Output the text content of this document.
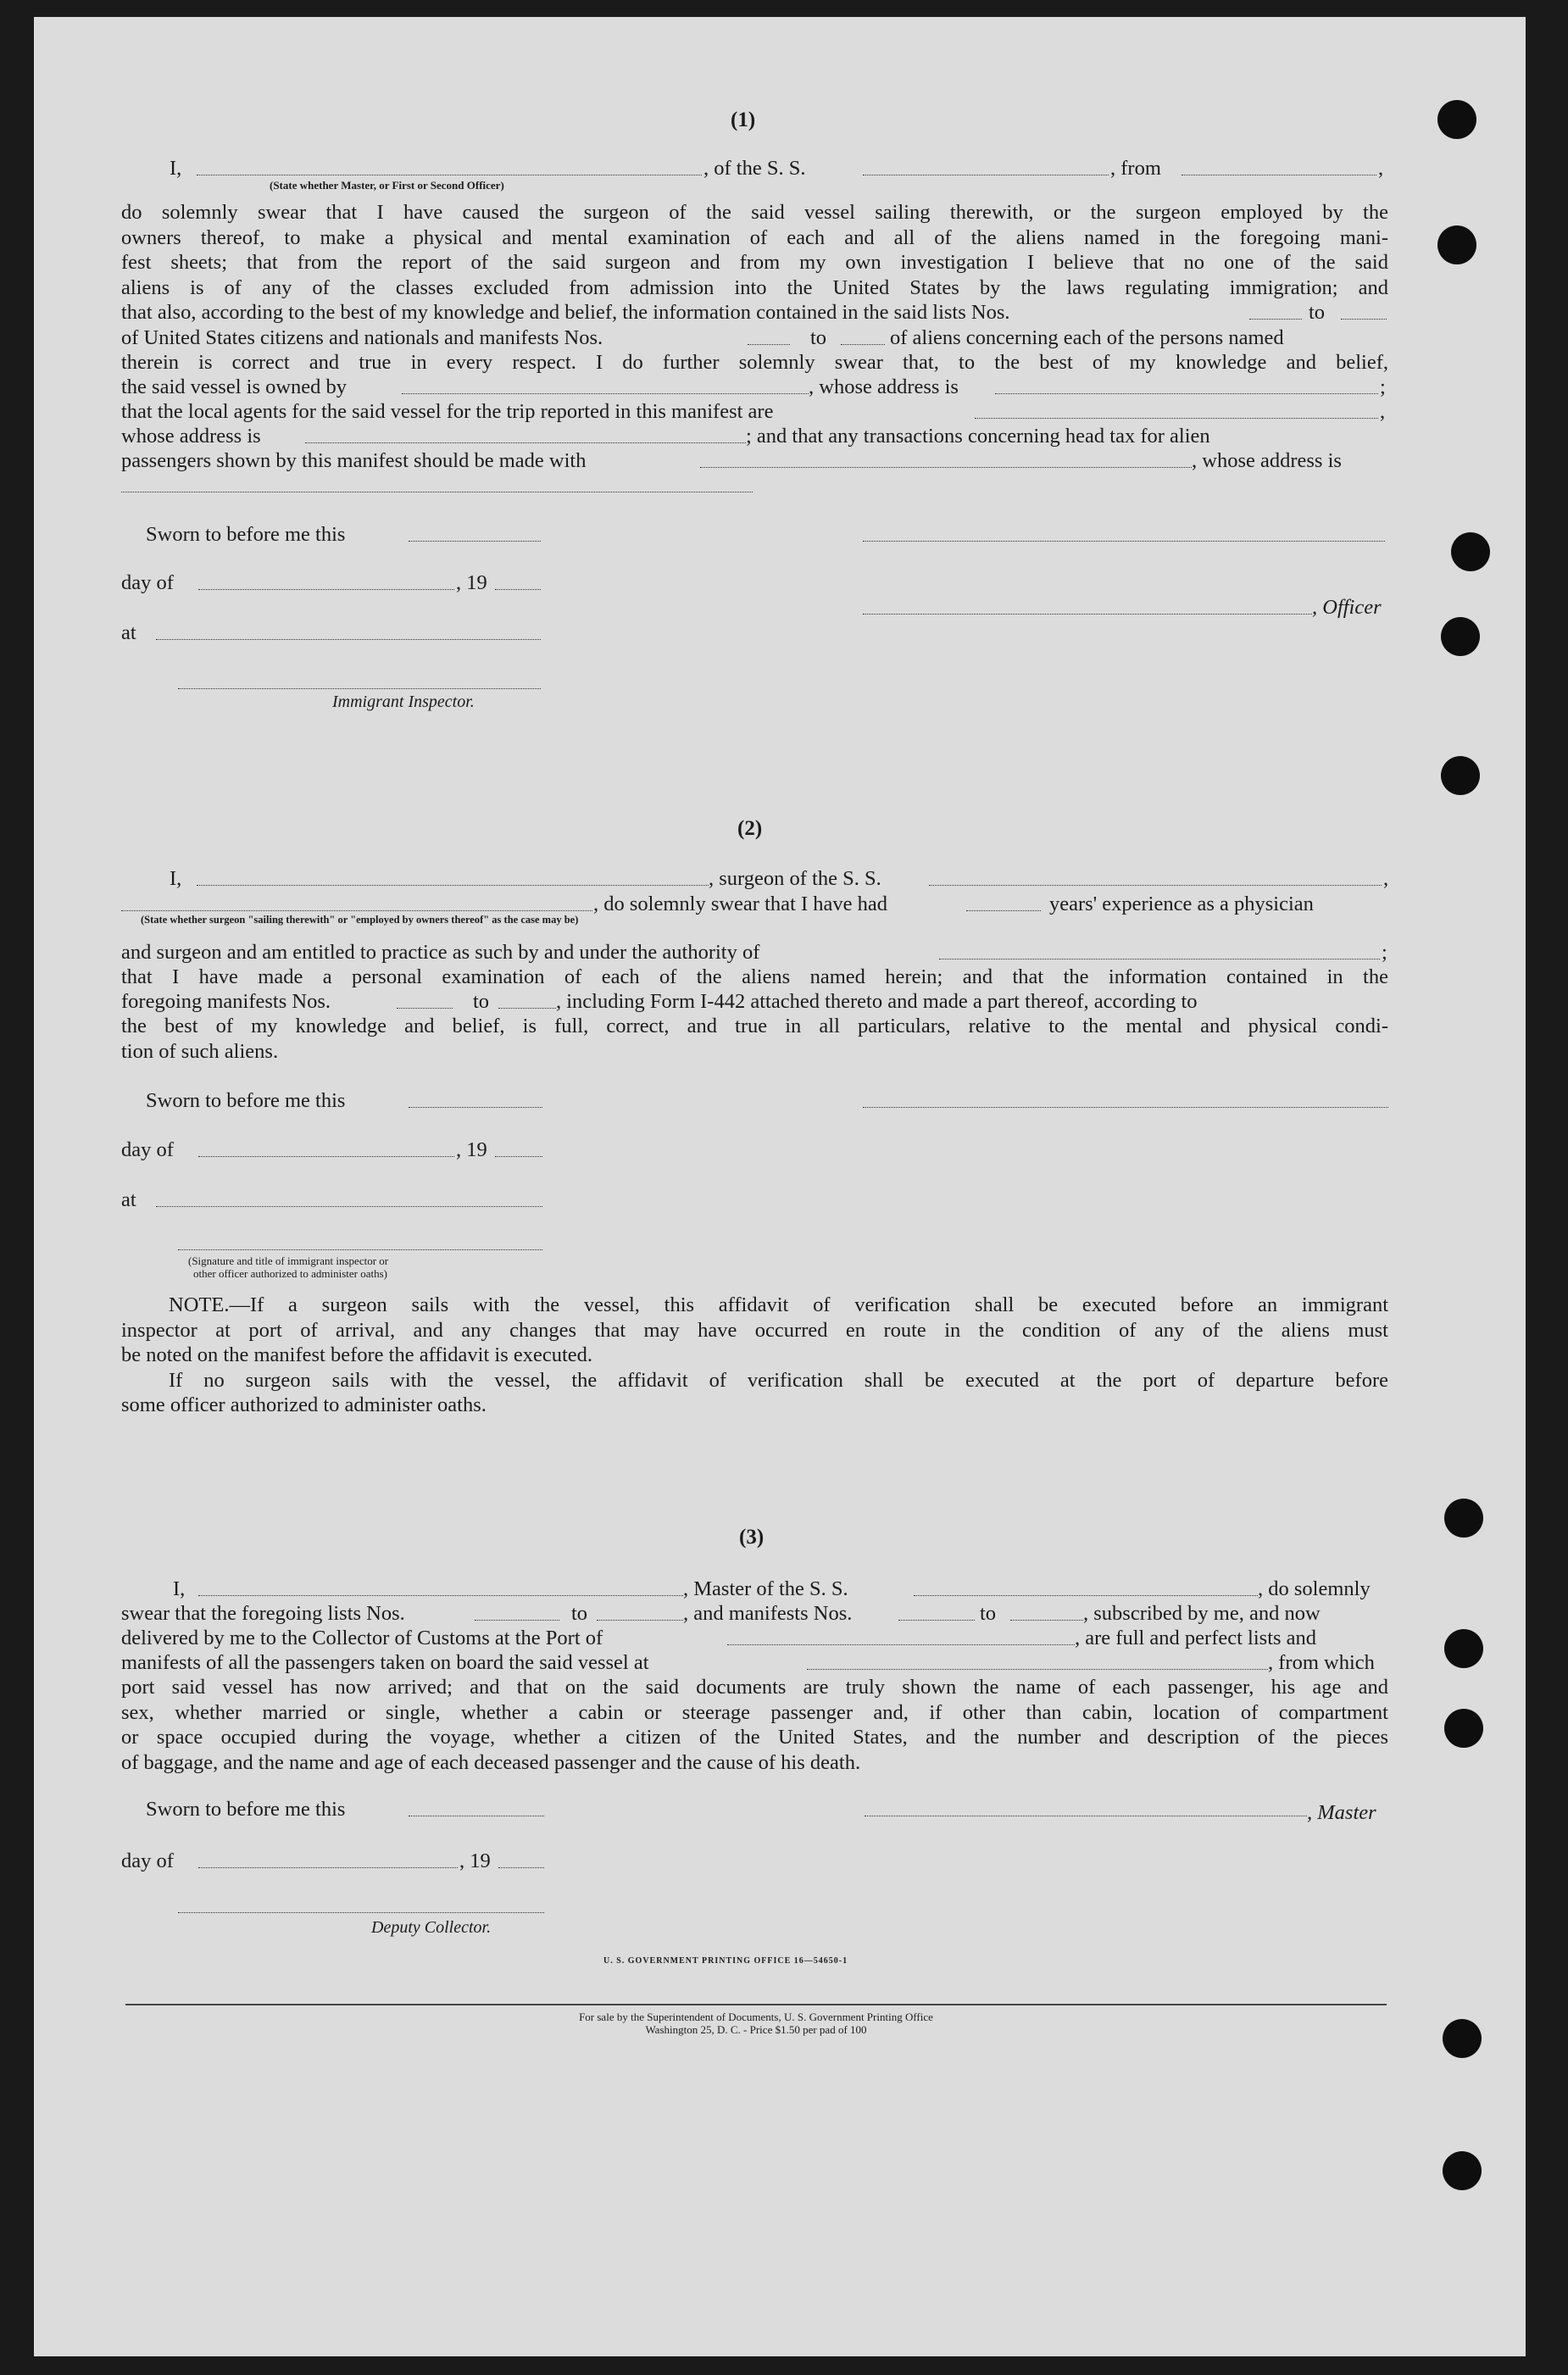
(1)
I,	, of the S. S.	, from	,
(State whether Master, or First or Second Officer)
do solemnly swear that I have caused the surgeon of the said vessel sailing therewith, or the surgeon employed by the
owners thereof, to make a physical and mental examination of each and all of the aliens named in the foregoing mani-
fest sheets; that from the report of the said surgeon and from my own investigation I believe that no one of the said
aliens is of any of the classes excluded from admission into the United States by the laws regulating immigration; and
that also, according to the best of my knowledge and belief, the information contained in the said lists Nos.	to
of United States citizens and nationals and manifests Nos.	to	of aliens concerning each of the persons named
therein is correct and true in every respect. I do further solemnly swear that, to the best of my knowledge and belief,
the said vessel is owned by	, whose address is	;
that the local agents for the said vessel for the trip reported in this manifest are	,
whose address is	; and that any transactions concerning head tax for alien
passengers shown by this manifest should be made with	, whose address is
Sworn to before me this
day of	, 19
, Officer
at
Immigrant Inspector.
(2)
I,	, surgeon of the S. S.	,
, do solemnly swear that I have had	years' experience as a physician
(State whether surgeon "sailing therewith" or "employed by owners thereof" as the case may be)
and surgeon and am entitled to practice as such by and under the authority of	;
that I have made a personal examination of each of the aliens named herein; and that the information contained in the
foregoing manifests Nos.	to	, including Form I-442 attached thereto and made a part thereof, according to
the best of my knowledge and belief, is full, correct, and true in all particulars, relative to the mental and physical condi-
tion of such aliens.
Sworn to before me this
day of	, 19
at
(Signature and title of immigrant inspector or
other officer authorized to administer oaths)
NOTE.—If a surgeon sails with the vessel, this affidavit of verification shall be executed before an immigrant
inspector at port of arrival, and any changes that may have occurred en route in the condition of any of the aliens must
be noted on the manifest before the affidavit is executed.
If no surgeon sails with the vessel, the affidavit of verification shall be executed at the port of departure before
some officer authorized to administer oaths.
(3)
I,	, Master of the S. S.	, do solemnly
swear that the foregoing lists Nos.	to	, and manifests Nos.	to	, subscribed by me, and now
delivered by me to the Collector of Customs at the Port of	, are full and perfect lists and
manifests of all the passengers taken on board the said vessel at	, from which
port said vessel has now arrived; and that on the said documents are truly shown the name of each passenger, his age and
sex, whether married or single, whether a cabin or steerage passenger and, if other than cabin, location of compartment
or space occupied during the voyage, whether a citizen of the United States, and the number and description of the pieces
of baggage, and the name and age of each deceased passenger and the cause of his death.
Sworn to before me this	, Master
day of	, 19
Deputy Collector.
U. S. GOVERNMENT PRINTING OFFICE 16—54650-1
For sale by the Superintendent of Documents, U. S. Government Printing Office
Washington 25, D. C. - Price $1.50 per pad of 100
